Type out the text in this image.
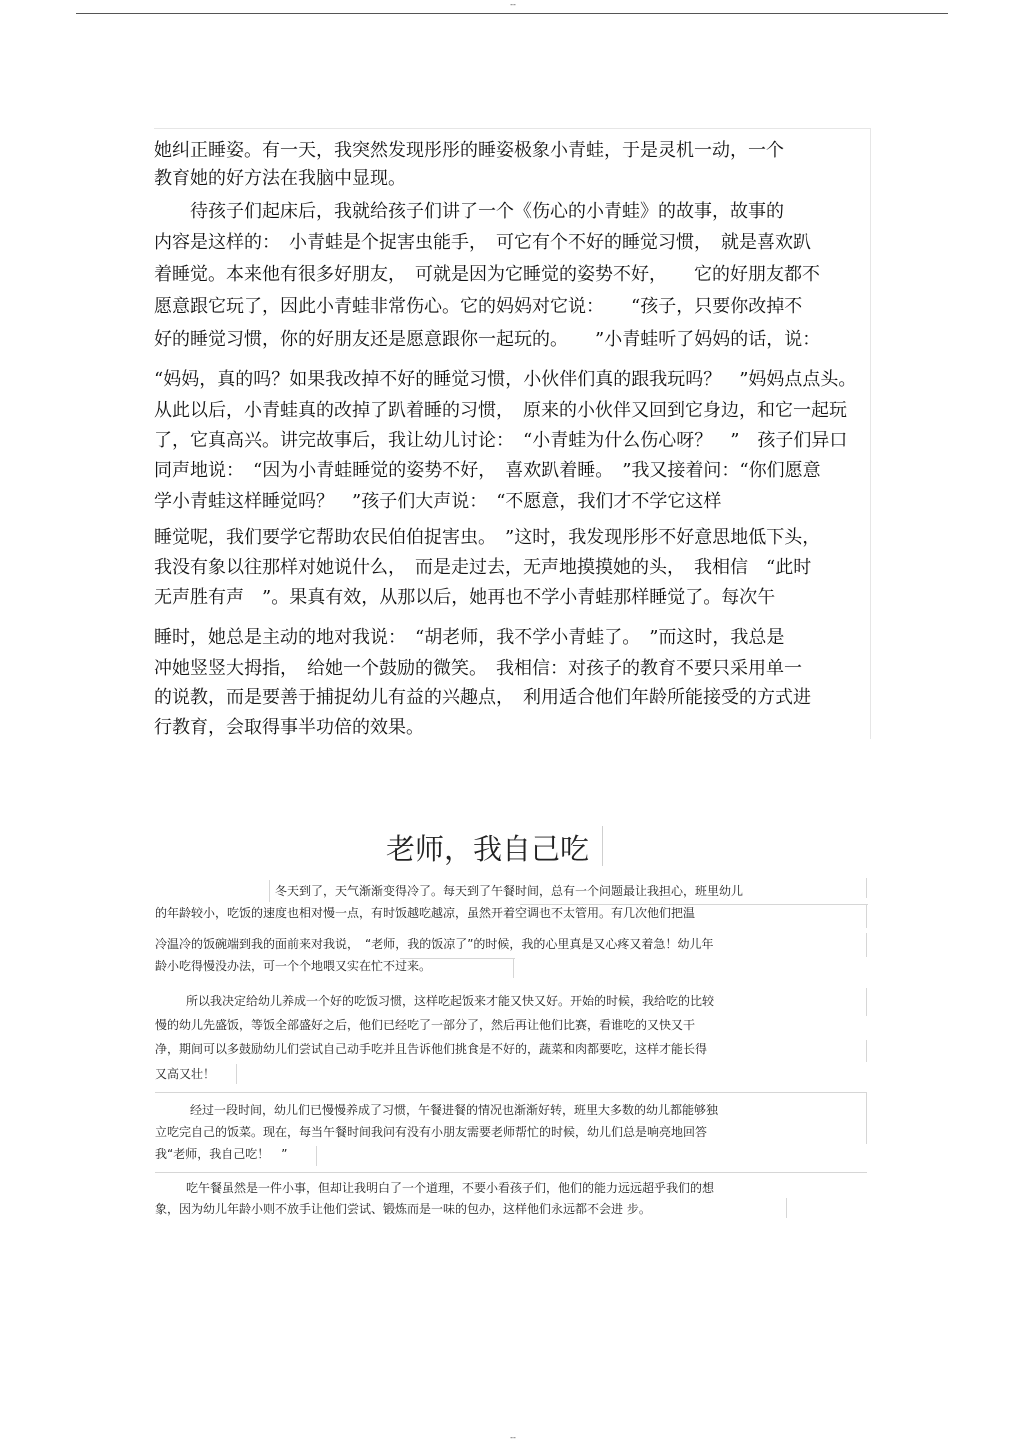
--
她纠正睡姿。有一天，我突然发现彤彤的睡姿极象小青蛙，于是灵机一动，一个
教育她的好方法在我脑中显现。
　　待孩子们起床后，我就给孩子们讲了一个《伤心的小青蛙》的故事，故事的
内容是这样的：　小青蛙是个捉害虫能手，　可它有个不好的睡觉习惯，　就是喜欢趴
着睡觉。本来他有很多好朋友，　可就是因为它睡觉的姿势不好，　　它的好朋友都不
愿意跟它玩了，因此小青蛙非常伤心。它的妈妈对它说：　　“孩子，只要你改掉不
好的睡觉习惯，你的好朋友还是愿意跟你一起玩的。　　”小青蛙听了妈妈的话，说：
“妈妈，真的吗？如果我改掉不好的睡觉习惯，小伙伴们真的跟我玩吗？　”妈妈点点头。
从此以后，小青蛙真的改掉了趴着睡的习惯，　原来的小伙伴又回到它身边，和它一起玩
了，它真高兴。讲完故事后，我让幼儿讨论：　“小青蛙为什么伤心呀？　”　孩子们异口
同声地说：　“因为小青蛙睡觉的姿势不好，　喜欢趴着睡。　”我又接着问：“你们愿意
学小青蛙这样睡觉吗？　”孩子们大声说：　“不愿意，我们才不学它这样
睡觉呢，我们要学它帮助农民伯伯捉害虫。　”这时，我发现彤彤不好意思地低下头，
我没有象以往那样对她说什么，　而是走过去，无声地摸摸她的头，　我相信　“此时
无声胜有声　”。果真有效，从那以后，她再也不学小青蛙那样睡觉了。每次午
睡时，她总是主动的地对我说：　“胡老师，我不学小青蛙了。　”而这时，我总是
冲她竖竖大拇指，　给她一个鼓励的微笑。　我相信：对孩子的教育不要只采用单一
的说教，而是要善于捕捉幼儿有益的兴趣点，　利用适合他们年龄所能接受的方式进
行教育，会取得事半功倍的效果。
老师，我自己吃
冬天到了，天气渐渐变得冷了。每天到了午餐时间，总有一个问题最让我担心，班里幼儿
的年龄较小，吃饭的速度也相对慢一点，有时饭越吃越凉，虽然开着空调也不太管用。有几次他们把温
冷温冷的饭碗端到我的面前来对我说，　“老师，我的饭凉了”的时候，我的心里真是又心疼又着急！幼儿年
龄小吃得慢没办法，可一个个地喂又实在忙不过来。
所以我决定给幼儿养成一个好的吃饭习惯，这样吃起饭来才能又快又好。开始的时候，我给吃的比较
慢的幼儿先盛饭，等饭全部盛好之后，他们已经吃了一部分了，然后再让他们比赛，看谁吃的又快又干
净，期间可以多鼓励幼儿们尝试自己动手吃并且告诉他们挑食是不好的，蔬菜和肉都要吃，这样才能长得
又高又壮！
经过一段时间，幼儿们已慢慢养成了习惯，午餐进餐的情况也渐渐好转，班里大多数的幼儿都能够独
立吃完自己的饭菜。现在，每当午餐时间我问有没有小朋友需要老师帮忙的时候，幼儿们总是响亮地回答
我“老师，我自己吃！　”
吃午餐虽然是一件小事，但却让我明白了一个道理，不要小看孩子们，他们的能力远远超乎我们的想
象，因为幼儿年龄小则不放手让他们尝试、锻炼而是一味的包办，这样他们永远都不会进 步。
--
